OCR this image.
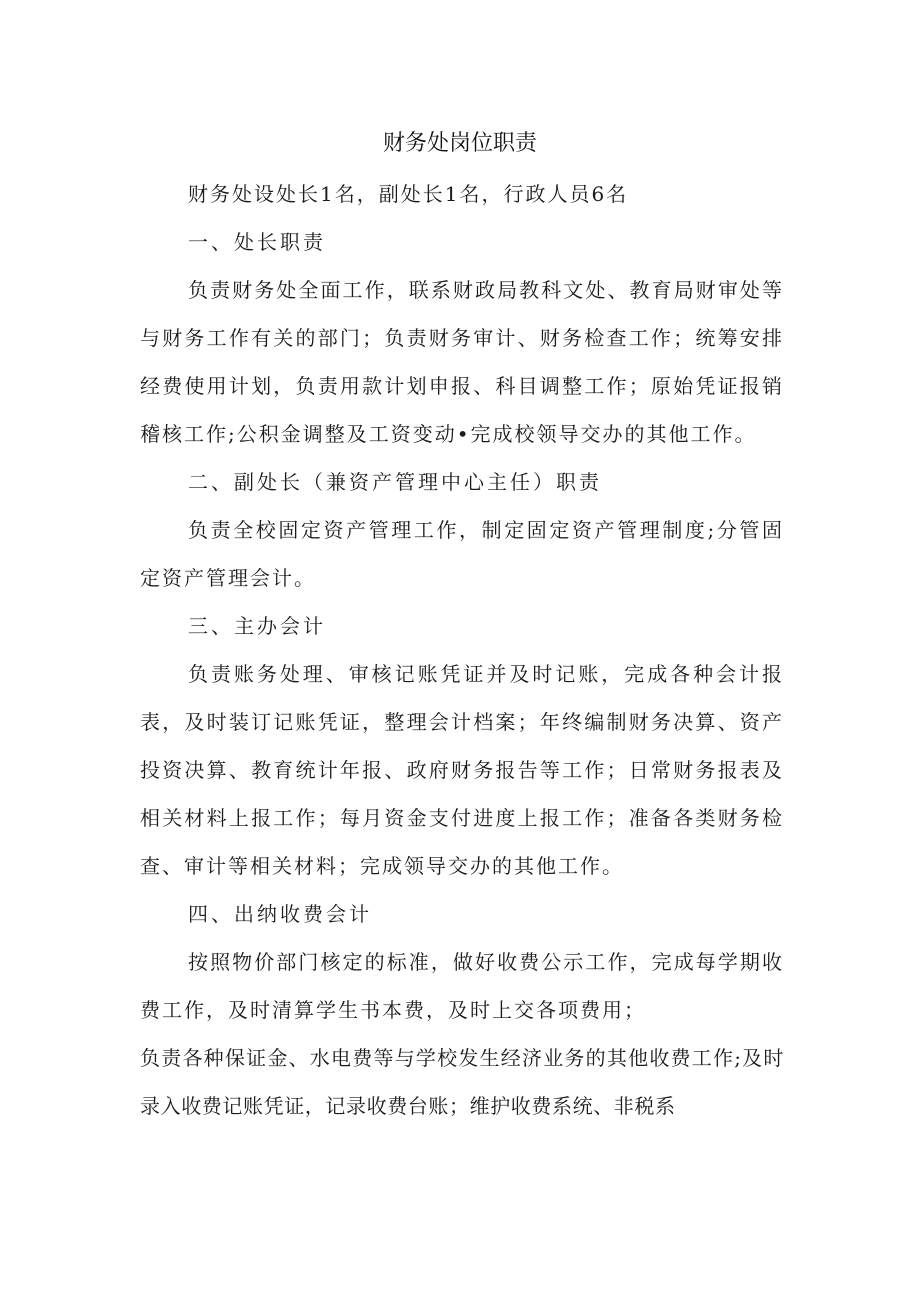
财务处岗位职责

财务处设处长1名，副处长1名，行政人员6名

一、处长职责

负责财务处全面工作，联系财政局教科文处、教育局财审处等与财务工作有关的部门；负责财务审计、财务检查工作；统筹安排经费使用计划，负责用款计划申报、科目调整工作；原始凭证报销稽核工作;公积金调整及工资变动•完成校领导交办的其他工作。

二、副处长（兼资产管理中心主任）职责

负责全校固定资产管理工作，制定固定资产管理制度;分管固定资产管理会计。

三、主办会计

负责账务处理、审核记账凭证并及时记账，完成各种会计报表，及时装订记账凭证，整理会计档案；年终编制财务决算、资产投资决算、教育统计年报、政府财务报告等工作；日常财务报表及相关材料上报工作；每月资金支付进度上报工作；准备各类财务检查、审计等相关材料；完成领导交办的其他工作。

四、出纳收费会计

按照物价部门核定的标准，做好收费公示工作，完成每学期收费工作，及时清算学生书本费，及时上交各项费用；

负责各种保证金、水电费等与学校发生经济业务的其他收费工作;及时录入收费记账凭证，记录收费台账；维护收费系统、非税系
